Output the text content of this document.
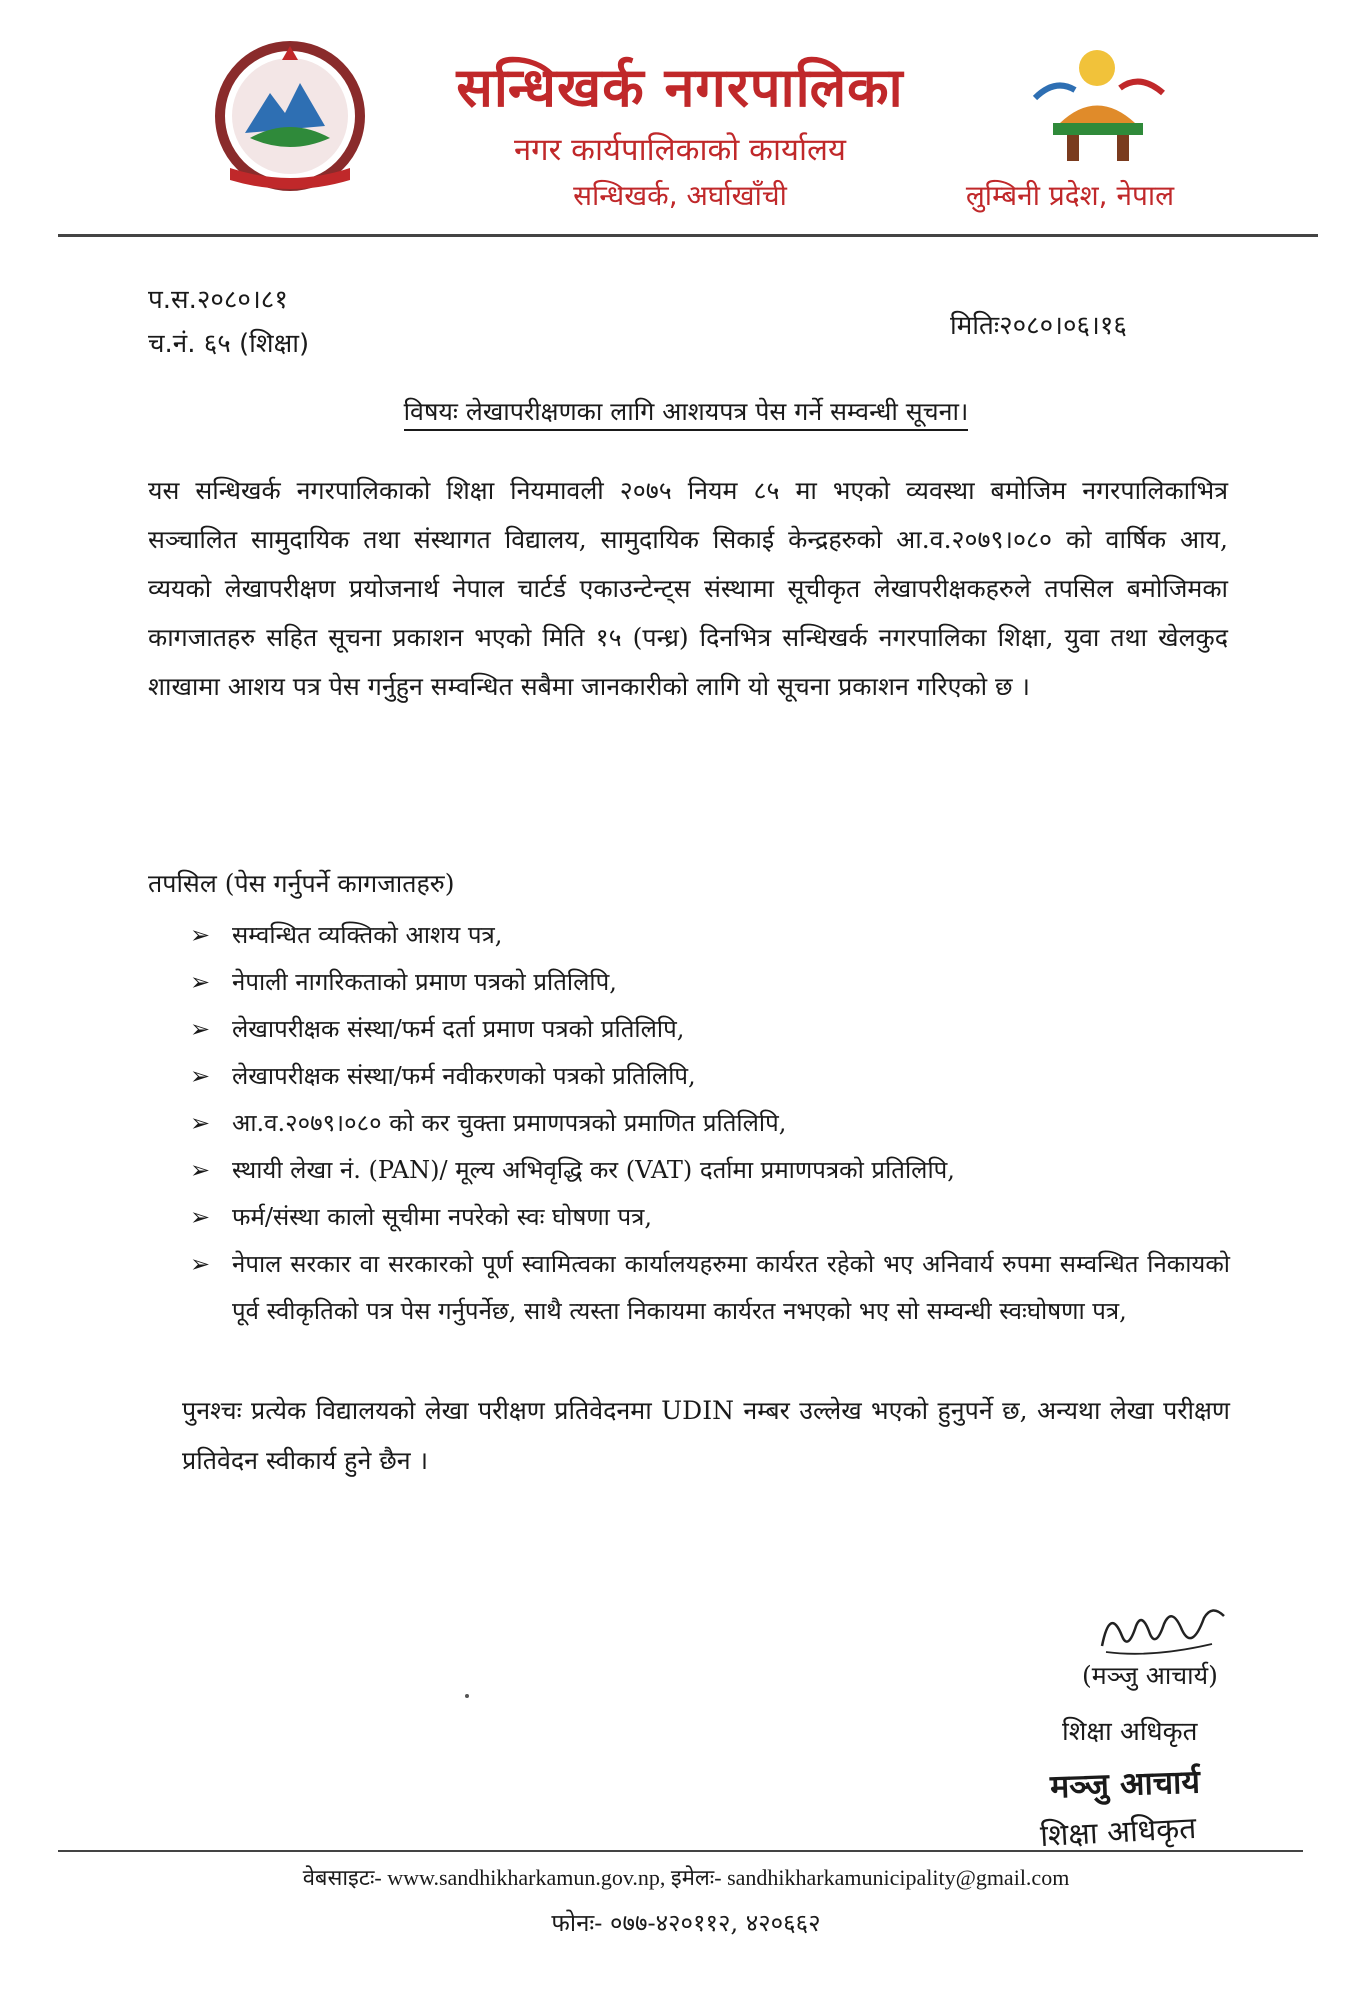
सन्धिखर्क नगरपालिका
नगर कार्यपालिकाको कार्यालय
सन्धिखर्क, अर्घाखाँची	लुम्बिनी प्रदेश, नेपाल
प.स.२०८०।८१
च.नं. ६५ (शिक्षा)
मितिः२०८०।०६।१६
विषयः लेखापरीक्षणका लागि आशयपत्र पेस गर्ने सम्वन्धी सूचना।
यस सन्धिखर्क नगरपालिकाको शिक्षा नियमावली २०७५ नियम ८५ मा भएको व्यवस्था बमोजिम नगरपालिकाभित्र सञ्चालित सामुदायिक तथा संस्थागत विद्यालय, सामुदायिक सिकाई केन्द्रहरुको आ.व.२०७९।०८० को वार्षिक आय, व्ययको लेखापरीक्षण प्रयोजनार्थ नेपाल चार्टर्ड एकाउन्टेन्ट्स संस्थामा सूचीकृत लेखापरीक्षकहरुले तपसिल बमोजिमका कागजातहरु सहित सूचना प्रकाशन भएको मिति १५ (पन्ध्र) दिनभित्र सन्धिखर्क नगरपालिका शिक्षा, युवा तथा खेलकुद शाखामा आशय पत्र पेस गर्नुहुन सम्वन्धित सबैमा जानकारीको लागि यो सूचना प्रकाशन गरिएको छ ।
तपसिल (पेस गर्नुपर्ने कागजातहरु)
➢ सम्वन्धित व्यक्तिको आशय पत्र,
➢ नेपाली नागरिकताको प्रमाण पत्रको प्रतिलिपि,
➢ लेखापरीक्षक संस्था/फर्म दर्ता प्रमाण पत्रको प्रतिलिपि,
➢ लेखापरीक्षक संस्था/फर्म नवीकरणको पत्रको प्रतिलिपि,
➢ आ.व.२०७९।०८० को कर चुक्ता प्रमाणपत्रको प्रमाणित प्रतिलिपि,
➢ स्थायी लेखा नं. (PAN)/ मूल्य अभिवृद्धि कर (VAT) दर्तामा प्रमाणपत्रको प्रतिलिपि,
➢ फर्म/संस्था कालो सूचीमा नपरेको स्वः घोषणा पत्र,
➢ नेपाल सरकार वा सरकारको पूर्ण स्वामित्वका कार्यालयहरुमा कार्यरत रहेको भए अनिवार्य रुपमा सम्वन्धित निकायको पूर्व स्वीकृतिको पत्र पेस गर्नुपर्नेछ, साथै त्यस्ता निकायमा कार्यरत नभएको भए सो सम्वन्धी स्वःघोषणा पत्र,
पुनश्चः प्रत्येक विद्यालयको लेखा परीक्षण प्रतिवेदनमा UDIN नम्बर उल्लेख भएको हुनुपर्ने छ, अन्यथा लेखा परीक्षण प्रतिवेदन स्वीकार्य हुने छैन ।
(मञ्जु आचार्य)
शिक्षा अधिकृत
मञ्जु आचार्य
शिक्षा अधिकृत
वेबसाइटः- www.sandhikharkamun.gov.np, इमेलः- sandhikharkamunicipality@gmail.com
फोनः- ०७७-४२०११२, ४२०६६२
